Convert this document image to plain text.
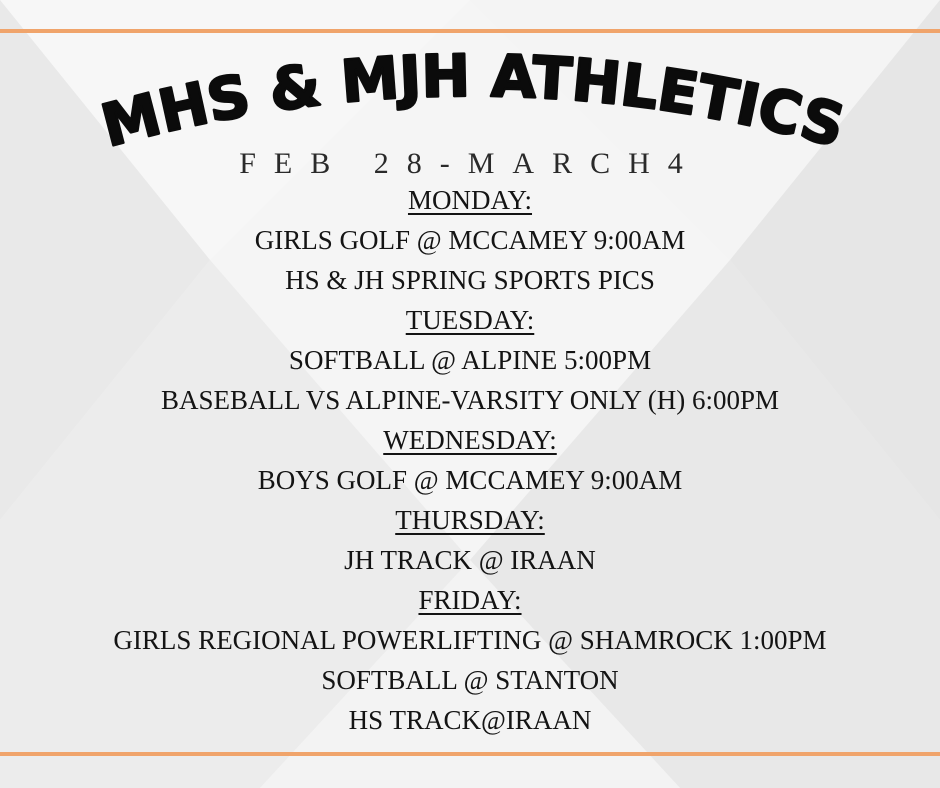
MHS & MJH ATHLETICS
FEB 28-MARCH4
MONDAY:
GIRLS GOLF @ MCCAMEY 9:00AM
HS & JH SPRING SPORTS PICS
TUESDAY:
SOFTBALL @ ALPINE 5:00PM
BASEBALL VS ALPINE-VARSITY ONLY (H) 6:00PM
WEDNESDAY:
BOYS GOLF @ MCCAMEY 9:00AM
THURSDAY:
JH TRACK @ IRAAN
FRIDAY:
GIRLS REGIONAL POWERLIFTING @ SHAMROCK 1:00PM
SOFTBALL @ STANTON
HS TRACK@IRAAN
